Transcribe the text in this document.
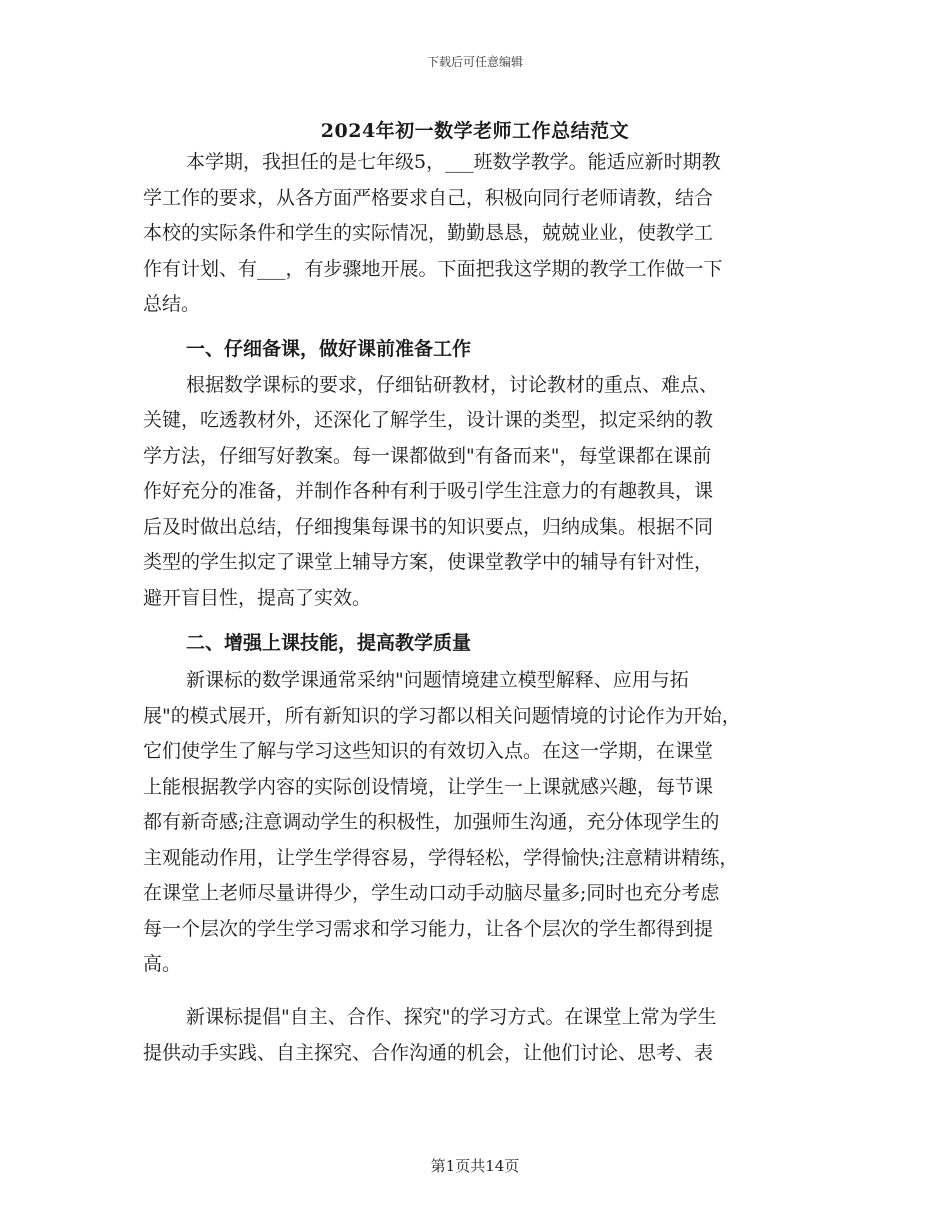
下载后可任意编辑
2024年初一数学老师工作总结范文
本学期，我担任的是七年级5，___班数学教学。能适应新时期教
学工作的要求，从各方面严格要求自己，积极向同行老师请教，结合
本校的实际条件和学生的实际情况，勤勤恳恳，兢兢业业，使教学工
作有计划、有___，有步骤地开展。下面把我这学期的教学工作做一下
总结。
一、仔细备课，做好课前准备工作
根据数学课标的要求，仔细钻研教材，讨论教材的重点、难点、
关键，吃透教材外，还深化了解学生，设计课的类型，拟定采纳的教
学方法，仔细写好教案。每一课都做到"有备而来"，每堂课都在课前
作好充分的准备，并制作各种有利于吸引学生注意力的有趣教具，课
后及时做出总结，仔细搜集每课书的知识要点，归纳成集。根据不同
类型的学生拟定了课堂上辅导方案，使课堂教学中的辅导有针对性，
避开盲目性，提高了实效。
二、增强上课技能，提高教学质量
新课标的数学课通常采纳"问题情境建立模型解释、应用与拓
展"的模式展开，所有新知识的学习都以相关问题情境的讨论作为开始，
它们使学生了解与学习这些知识的有效切入点。在这一学期，在课堂
上能根据教学内容的实际创设情境，让学生一上课就感兴趣，每节课
都有新奇感;注意调动学生的积极性，加强师生沟通，充分体现学生的
主观能动作用，让学生学得容易，学得轻松，学得愉快;注意精讲精练，
在课堂上老师尽量讲得少，学生动口动手动脑尽量多;同时也充分考虑
每一个层次的学生学习需求和学习能力，让各个层次的学生都得到提
高。
新课标提倡"自主、合作、探究"的学习方式。在课堂上常为学生
提供动手实践、自主探究、合作沟通的机会，让他们讨论、思考、表
第1页共14页
